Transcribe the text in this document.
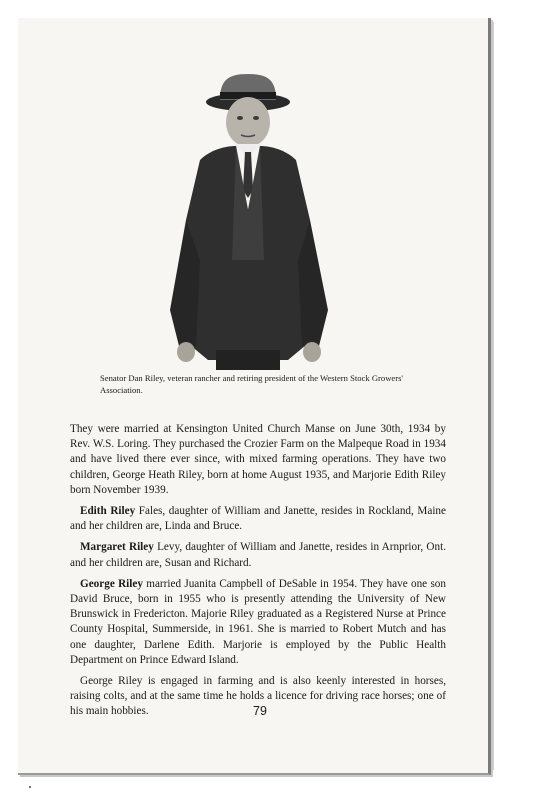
Senator Dan Riley, veteran rancher and retiring president of the Western Stock Growers' Association.

They were married at Kensington United Church Manse on June 30th, 1934 by Rev. W.S. Loring. They purchased the Crozier Farm on the Malpeque Road in 1934 and have lived there ever since, with mixed farming operations. They have two children, George Heath Riley, born at home August 1935, and Marjorie Edith Riley born November 1939.

Edith Riley Fales, daughter of William and Janette, resides in Rockland, Maine and her children are, Linda and Bruce.

Margaret Riley Levy, daughter of William and Janette, resides in Arnprior, Ont. and her children are, Susan and Richard.

George Riley married Juanita Campbell of DeSable in 1954. They have one son David Bruce, born in 1955 who is presently attending the University of New Brunswick in Fredericton. Majorie Riley graduated as a Registered Nurse at Prince County Hospital, Summerside, in 1961. She is married to Robert Mutch and has one daughter, Darlene Edith. Marjorie is employed by the Public Health Department on Prince Edward Island.

George Riley is engaged in farming and is also keenly interested in horses, raising colts, and at the same time he holds a licence for driving race horses; one of his main hobbies.	79
